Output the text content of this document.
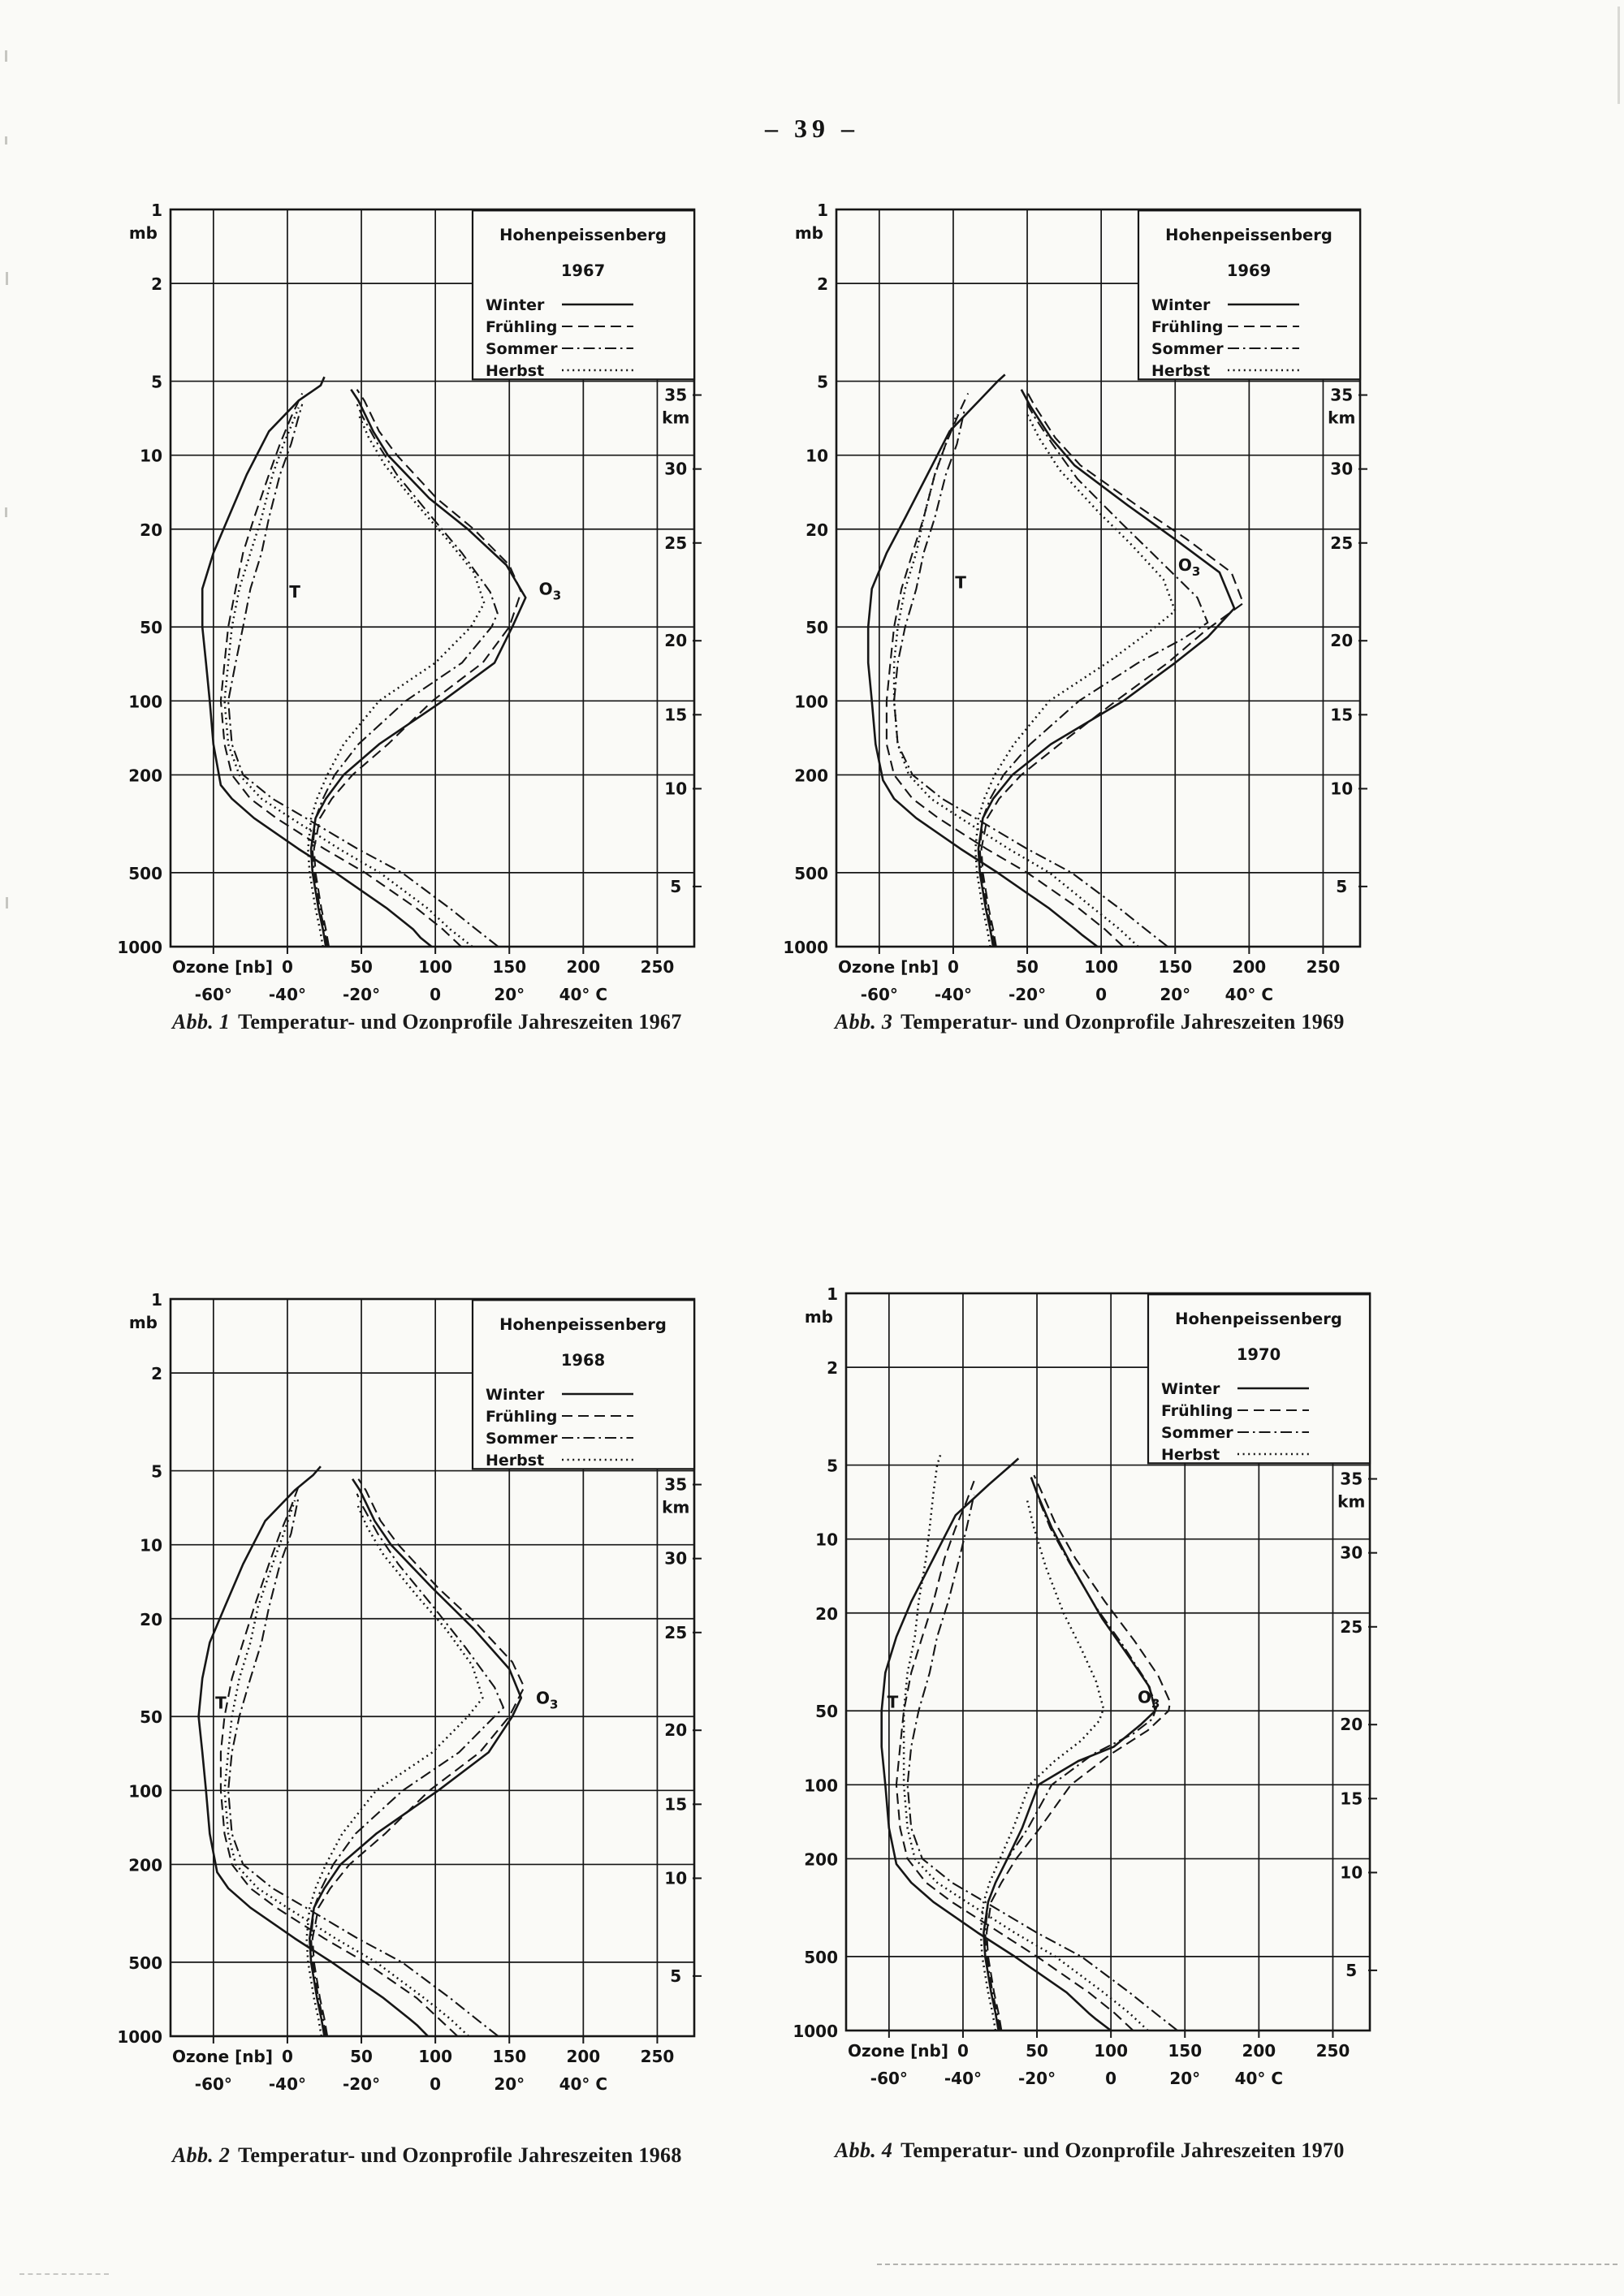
– 39 –
T	$O_3$
Hohenpeissenberg
1967
Winter
Frühling
Sommer
Herbst
1
2
5
10
20
50
100
200
500
1000
mb
35
km
30
25
20
15
10
5
Ozone [nb] 0	50	100 150 200 250
-60° -40° -20°	0	20° 40° C
T
$O_3$
Hohenpeissenberg
1969
Winter
Frühling
Sommer
Herbst
1
2
5
10
20
50
100
200
500
1000
mb
35
km
30
25
20
15
10
5
Ozone [nb] 0	50	100 150 200 250
-60° -40° -20°	0	20° 40° C
T	$O_3$
Hohenpeissenberg
1968
Winter
Frühling
Sommer
Herbst
1
2
5
10
20
50
100
200
500
1000
mb
35
km
30
25
20
15
10
5
Ozone [nb] 0	50	100 150 200 250
-60° -40° -20°	0	20° 40° C
T	$O_3$
Hohenpeissenberg
1970
Winter
Frühling
Sommer
Herbst
1
2
5
10
20
50
100
200
500
1000
mb
35
km
30
25
20
15
10
5
Ozone [nb] 0	50	100 150 200 250
-60° -40° -20°	0	20° 40° C
Abb. 1 Temperatur- und Ozonprofile Jahreszeiten 1967	Abb. 3 Temperatur- und Ozonprofile Jahreszeiten 1969
Abb. 2 Temperatur- und Ozonprofile Jahreszeiten 1968	Abb. 4 Temperatur- und Ozonprofile Jahreszeiten 1970
